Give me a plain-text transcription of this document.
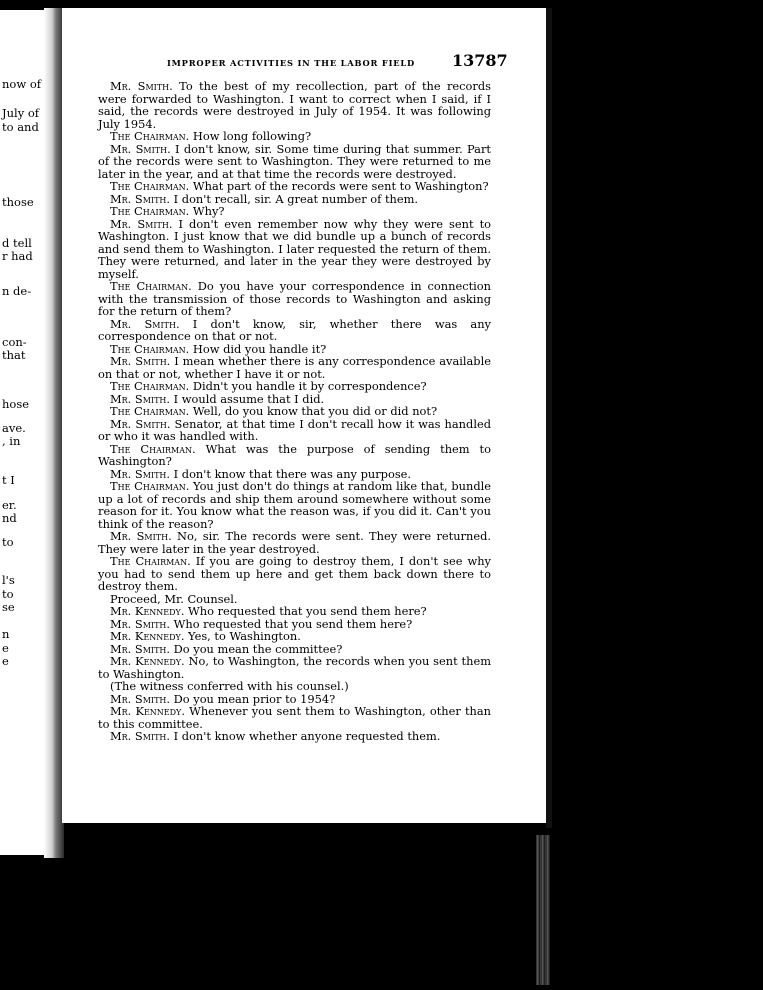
now of
July of
to and
those
d tell
r had
n de-
con-
that
hose
ave.
, in
t I
er.
nd
to
l's
to
se
n
e
e
IMPROPER ACTIVITIES IN THE LABOR FIELD	13787

Mr. Smith. To the best of my recollection, part of the records were forwarded to Washington. I want to correct when I said, if I said, the records were destroyed in July of 1954. It was following July 1954.

The Chairman. How long following?

Mr. Smith. I don't know, sir. Some time during that summer. Part of the records were sent to Washington. They were returned to me later in the year, and at that time the records were destroyed.

The Chairman. What part of the records were sent to Washington?

Mr. Smith. I don't recall, sir. A great number of them.

The Chairman. Why?

Mr. Smith. I don't even remember now why they were sent to Washington. I just know that we did bundle up a bunch of records and send them to Washington. I later requested the return of them. They were returned, and later in the year they were destroyed by myself.

The Chairman. Do you have your correspondence in connection with the transmission of those records to Washington and asking for the return of them?

Mr. Smith. I don't know, sir, whether there was any correspondence on that or not.

The Chairman. How did you handle it?

Mr. Smith. I mean whether there is any correspondence available on that or not, whether I have it or not.

The Chairman. Didn't you handle it by correspondence?

Mr. Smith. I would assume that I did.

The Chairman. Well, do you know that you did or did not?

Mr. Smith. Senator, at that time I don't recall how it was handled or who it was handled with.

The Chairman. What was the purpose of sending them to Washington?

Mr. Smith. I don't know that there was any purpose.

The Chairman. You just don't do things at random like that, bundle up a lot of records and ship them around somewhere without some reason for it. You know what the reason was, if you did it. Can't you think of the reason?

Mr. Smith. No, sir. The records were sent. They were returned. They were later in the year destroyed.

The Chairman. If you are going to destroy them, I don't see why you had to send them up here and get them back down there to destroy them.

Proceed, Mr. Counsel.

Mr. Kennedy. Who requested that you send them here?

Mr. Smith. Who requested that you send them here?

Mr. Kennedy. Yes, to Washington.

Mr. Smith. Do you mean the committee?

Mr. Kennedy. No, to Washington, the records when you sent them to Washington.

(The witness conferred with his counsel.)

Mr. Smith. Do you mean prior to 1954?

Mr. Kennedy. Whenever you sent them to Washington, other than to this committee.

Mr. Smith. I don't know whether anyone requested them.
